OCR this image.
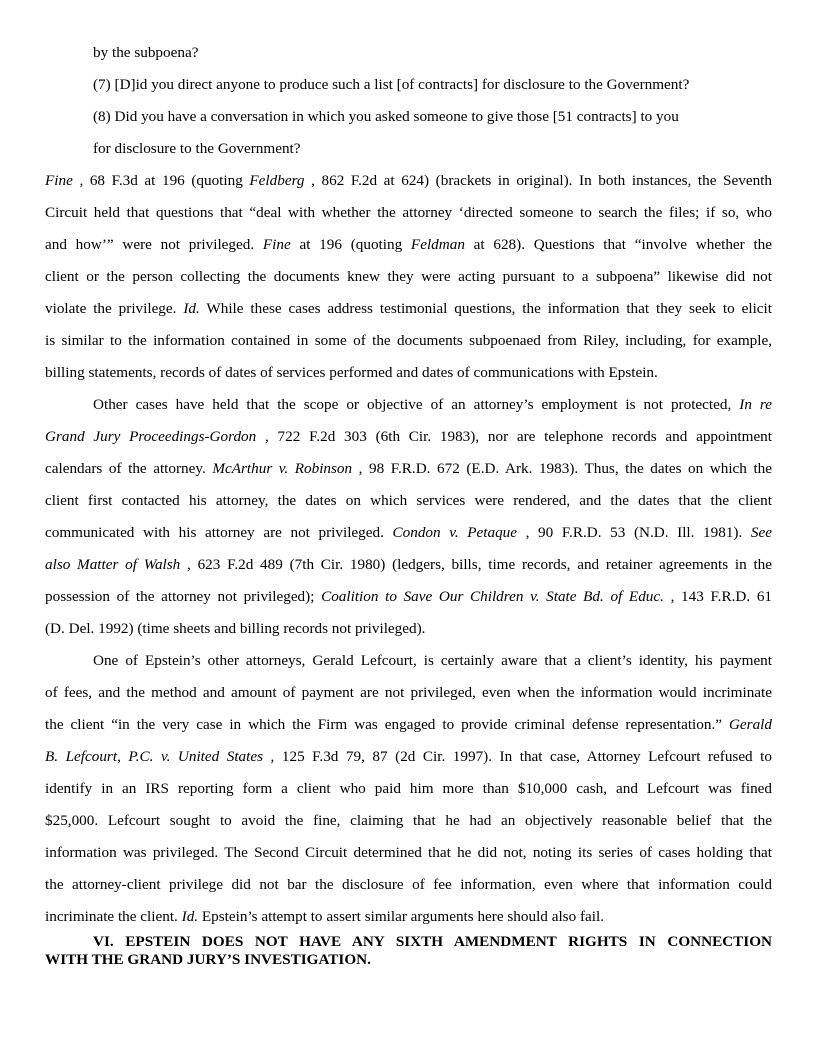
by the subpoena?
(7) [D]id you direct anyone to produce such a list [of contracts] for disclosure to the Government?
(8) Did you have a conversation in which you asked someone to give those [51 contracts] to you
for disclosure to the Government?
Fine , 68 F.3d at 196 (quoting Feldberg , 862 F.2d at 624) (brackets in original). In both instances, the Seventh
Circuit held that questions that “deal with whether the attorney ‘directed someone to search the files; if so, who
and how’” were not privileged. Fine at 196 (quoting Feldman at 628). Questions that “involve whether the
client or the person collecting the documents knew they were acting pursuant to a subpoena” likewise did not
violate the privilege. Id. While these cases address testimonial questions, the information that they seek to elicit
is similar to the information contained in some of the documents subpoenaed from Riley, including, for example,
billing statements, records of dates of services performed and dates of communications with Epstein.
Other cases have held that the scope or objective of an attorney’s employment is not protected, In re
Grand Jury Proceedings-Gordon , 722 F.2d 303 (6th Cir. 1983), nor are telephone records and appointment
calendars of the attorney. McArthur v. Robinson , 98 F.R.D. 672 (E.D. Ark. 1983). Thus, the dates on which the
client first contacted his attorney, the dates on which services were rendered, and the dates that the client
communicated with his attorney are not privileged. Condon v. Petaque , 90 F.R.D. 53 (N.D. Ill. 1981). See
also Matter of Walsh , 623 F.2d 489 (7th Cir. 1980) (ledgers, bills, time records, and retainer agreements in the
possession of the attorney not privileged); Coalition to Save Our Children v. State Bd. of Educ. , 143 F.R.D. 61
(D. Del. 1992) (time sheets and billing records not privileged).
One of Epstein’s other attorneys, Gerald Lefcourt, is certainly aware that a client’s identity, his payment
of fees, and the method and amount of payment are not privileged, even when the information would incriminate
the client “in the very case in which the Firm was engaged to provide criminal defense representation.” Gerald
B. Lefcourt, P.C. v. United States , 125 F.3d 79, 87 (2d Cir. 1997). In that case, Attorney Lefcourt refused to
identify in an IRS reporting form a client who paid him more than $10,000 cash, and Lefcourt was fined
$25,000. Lefcourt sought to avoid the fine, claiming that he had an objectively reasonable belief that the
information was privileged. The Second Circuit determined that he did not, noting its series of cases holding that
the attorney-client privilege did not bar the disclosure of fee information, even where that information could
incriminate the client. Id. Epstein’s attempt to assert similar arguments here should also fail.
VI. EPSTEIN DOES NOT HAVE ANY SIXTH AMENDMENT RIGHTS IN CONNECTION
WITH THE GRAND JURY’S INVESTIGATION.
